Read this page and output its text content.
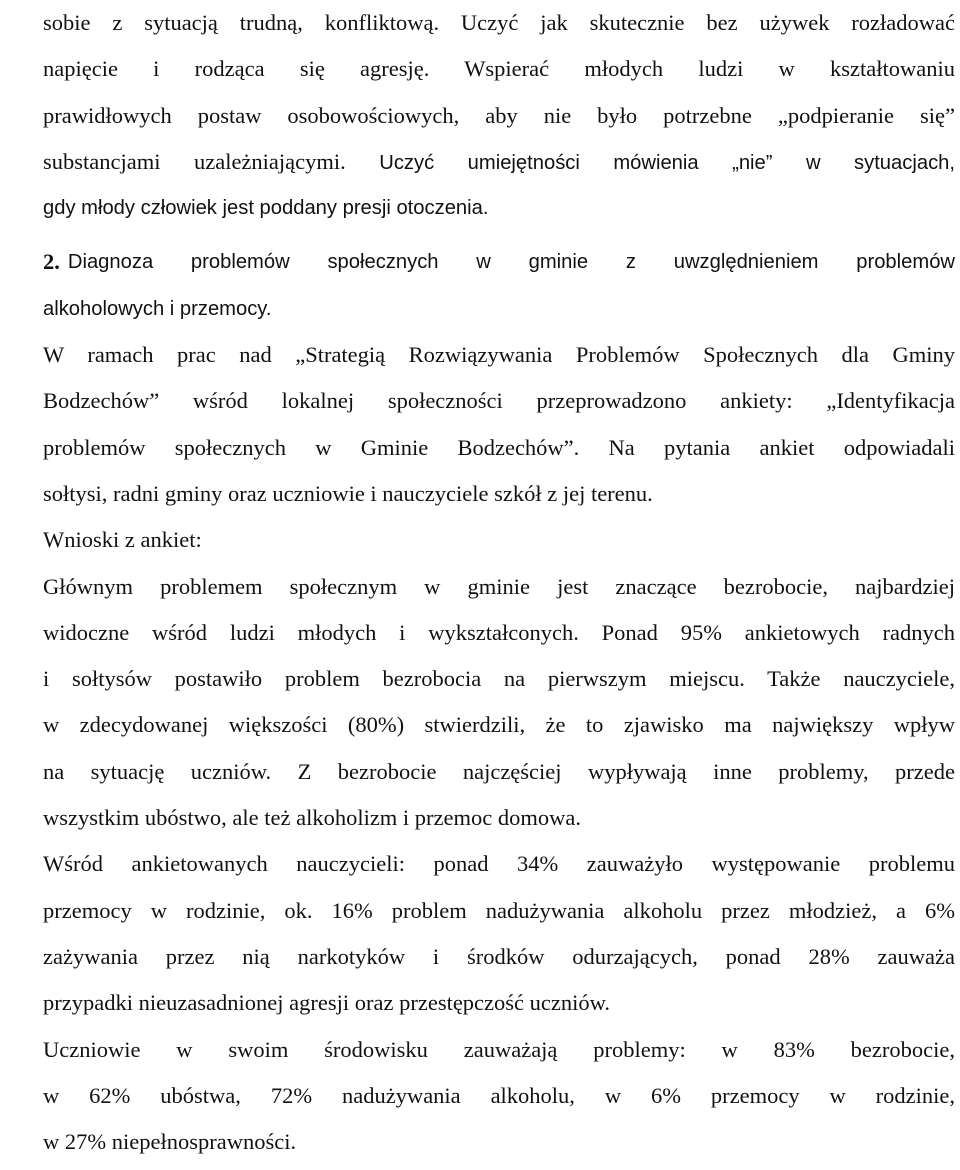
sobie z sytuacją trudną, konfliktową. Uczyć jak skutecznie bez używek rozładować
napięcie i rodząca się agresję. Wspierać młodych ludzi w kształtowaniu
prawidłowych postaw osobowościowych, aby nie było potrzebne „podpieranie się”
substancjami uzależniającymi. Uczyć umiejętności mówienia „nie” w sytuacjach,
gdy młody człowiek jest poddany presji otoczenia.
2. Diagnoza problemów społecznych w gminie z uwzględnieniem problemów
alkoholowych i przemocy.
W ramach prac nad „Strategią Rozwiązywania Problemów Społecznych dla Gminy
Bodzechów” wśród lokalnej społeczności przeprowadzono ankiety: „Identyfikacja
problemów społecznych w Gminie Bodzechów”. Na pytania ankiet odpowiadali
sołtysi, radni gminy oraz uczniowie i nauczyciele szkół z jej terenu.
Wnioski z ankiet:
Głównym problemem społecznym w gminie jest znaczące bezrobocie, najbardziej
widoczne wśród ludzi młodych i wykształconych. Ponad 95% ankietowych radnych
i sołtysów postawiło problem bezrobocia na pierwszym miejscu. Także nauczyciele,
w zdecydowanej większości (80%) stwierdzili, że to zjawisko ma największy wpływ
na sytuację uczniów. Z bezrobocie najczęściej wypływają inne problemy, przede
wszystkim ubóstwo, ale też alkoholizm i przemoc domowa.
Wśród ankietowanych nauczycieli: ponad 34% zauważyło występowanie problemu
przemocy w rodzinie, ok. 16% problem nadużywania alkoholu przez młodzież, a 6%
zażywania przez nią narkotyków i środków odurzających, ponad 28% zauważa
przypadki nieuzasadnionej agresji oraz przestępczość uczniów.
Uczniowie w swoim środowisku zauważają problemy: w 83% bezrobocie,
w 62% ubóstwa, 72% nadużywania alkoholu, w 6% przemocy w rodzinie,
w 27% niepełnosprawności.
